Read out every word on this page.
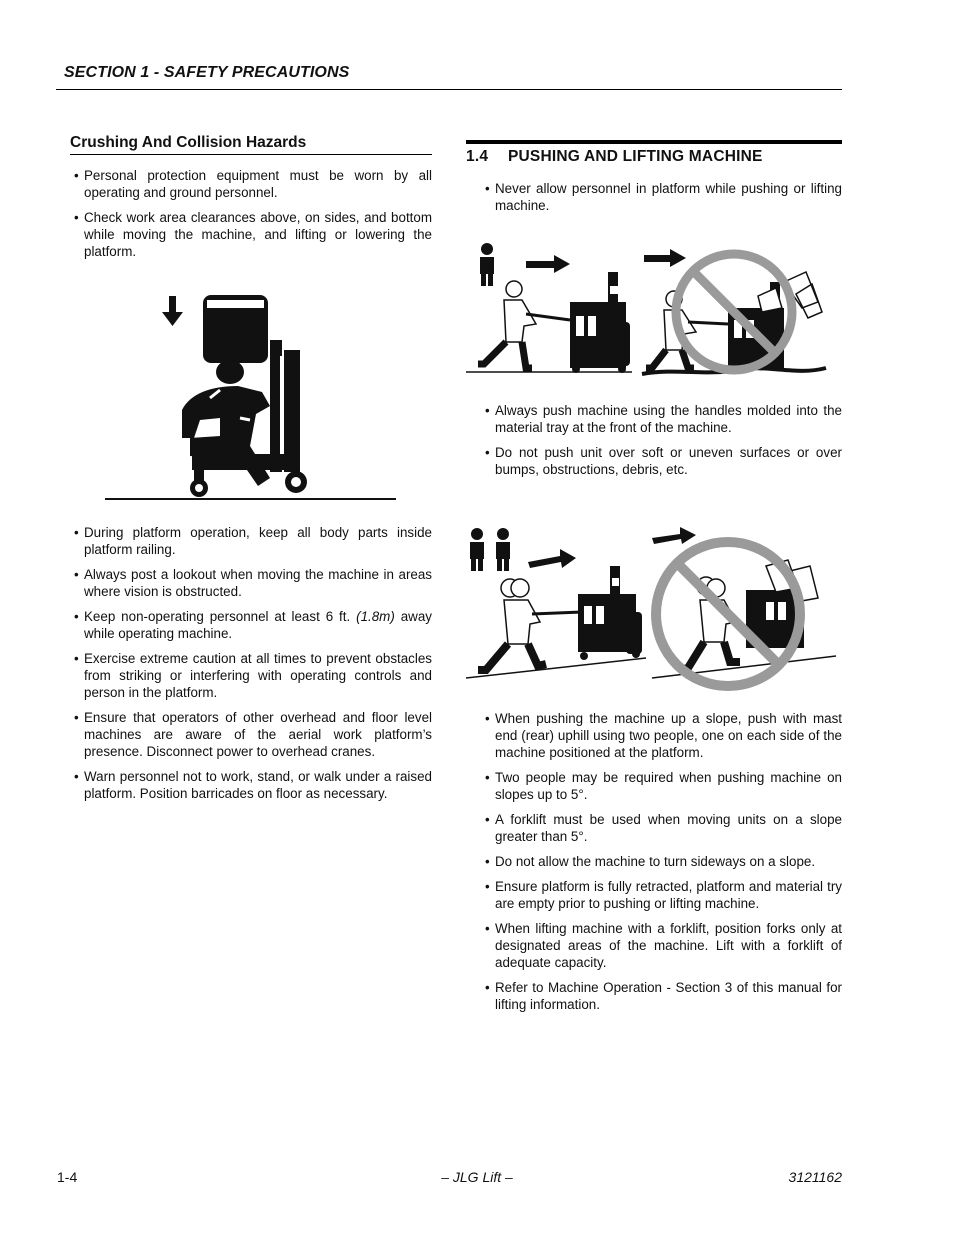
SECTION 1 - SAFETY PRECAUTIONS
Crushing And Collision Hazards
• Personal protection equipment must be worn by all operating and ground personnel.
• Check work area clearances above, on sides, and bottom while moving the machine, and lifting or lowering the platform.
• During platform operation, keep all body parts inside platform railing.
• Always post a lookout when moving the machine in areas where vision is obstructed.
• Keep non-operating personnel at least 6 ft. (1.8m) away while operating machine.
• Exercise extreme caution at all times to prevent obstacles from striking or interfering with operating controls and person in the platform.
• Ensure that operators of other overhead and floor level machines are aware of the aerial work platform’s presence. Disconnect power to overhead cranes.
• Warn personnel not to work, stand, or walk under a raised platform. Position barricades on floor as necessary.
1.4 PUSHING AND LIFTING MACHINE
• Never allow personnel in platform while pushing or lifting machine.
• Always push machine using the handles molded into the material tray at the front of the machine.
• Do not push unit over soft or uneven surfaces or over bumps, obstructions, debris, etc.
• When pushing the machine up a slope, push with mast end (rear) uphill using two people, one on each side of the machine positioned at the platform.
• Two people may be required when pushing machine on slopes up to 5°.
• A forklift must be used when moving units on a slope greater than 5°.
• Do not allow the machine to turn sideways on a slope.
• Ensure platform is fully retracted, platform and material try are empty prior to pushing or lifting machine.
• When lifting machine with a forklift, position forks only at designated areas of the machine. Lift with a forklift of adequate capacity.
• Refer to Machine Operation - Section 3 of this manual for lifting information.
1-4	– JLG Lift –	3121162
